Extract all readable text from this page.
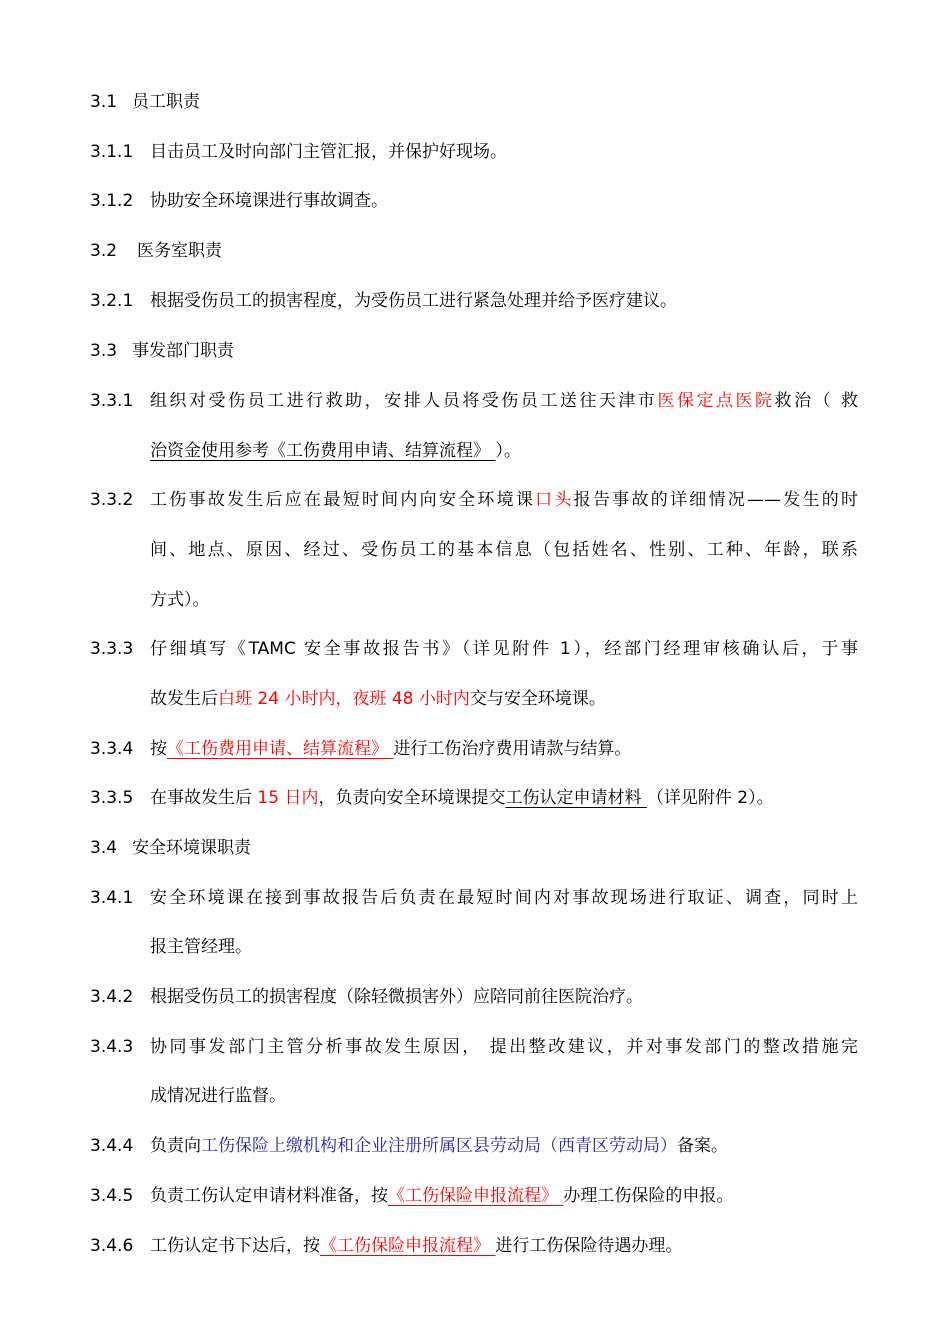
3.1 员工职责
3.1.1 目击员工及时向部门主管汇报，并保护好现场。
3.1.2 协助安全环境课进行事故调查。
3.2 医务室职责
3.2.1 根据受伤员工的损害程度，为受伤员工进行紧急处理并给予医疗建议。
3.3 事发部门职责
3.3.1 组织对受伤员工进行救助，安排人员将受伤员工送往天津市医保定点医院救治（ 救
治资金使用参考《工伤费用申请、结算流程》 ）。
3.3.2 工伤事故发生后应在最短时间内向安全环境课口头报告事故的详细情况——发生的时
间、地点、原因、经过、受伤员工的基本信息（包括姓名、性别、工种、年龄，联系
方式）。
3.3.3 仔细填写《TAMC 安全事故报告书》（详见附件 1），经部门经理审核确认后，于事
故发生后白班 24 小时内，夜班 48 小时内交与安全环境课。
3.3.4 按《工伤费用申请、结算流程》 进行工伤治疗费用请款与结算。
3.3.5 在事故发生后 15 日内，负责向安全环境课提交工伤认定申请材料 （详见附件 2）。
3.4 安全环境课职责
3.4.1 安全环境课在接到事故报告后负责在最短时间内对事故现场进行取证、调查，同时上
报主管经理。
3.4.2 根据受伤员工的损害程度（除轻微损害外）应陪同前往医院治疗。
3.4.3 协同事发部门主管分析事故发生原因， 提出整改建议，并对事发部门的整改措施完
成情况进行监督。
3.4.4 负责向工伤保险上缴机构和企业注册所属区县劳动局（西青区劳动局）备案。
3.4.5 负责工伤认定申请材料准备，按《工伤保险申报流程》 办理工伤保险的申报。
3.4.6 工伤认定书下达后，按《工伤保险申报流程》 进行工伤保险待遇办理。
